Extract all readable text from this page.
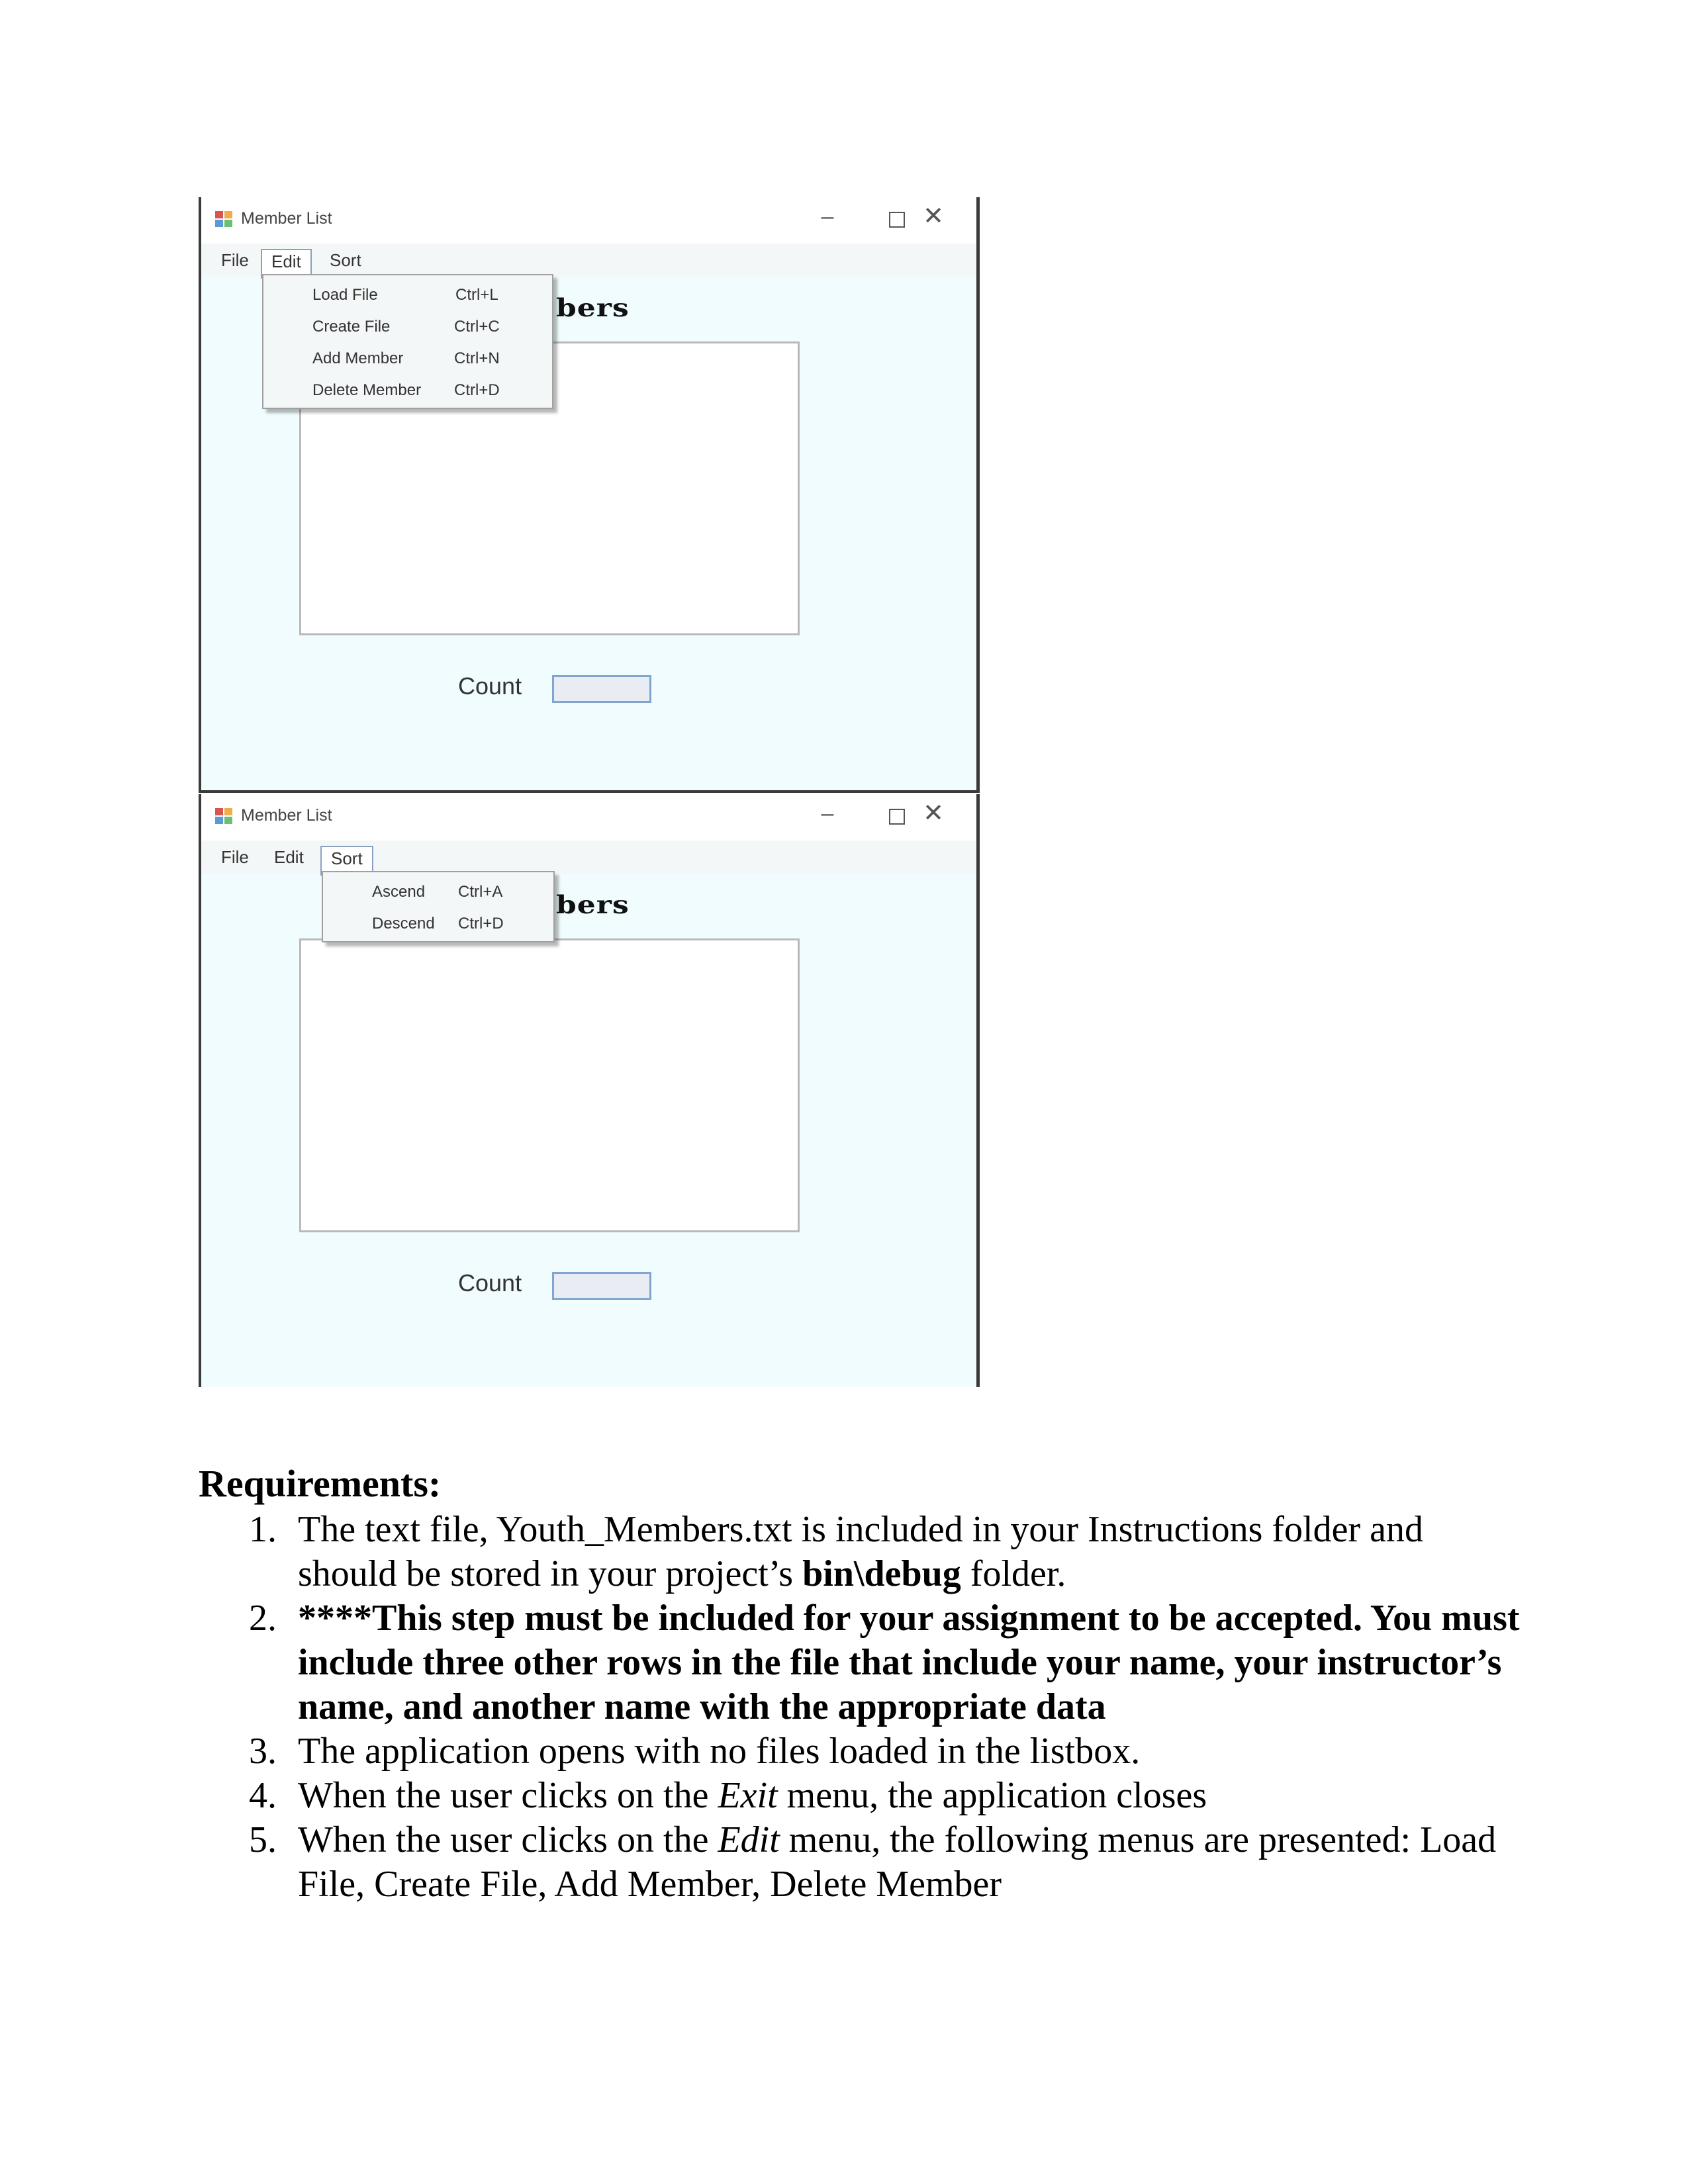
Member List	–	✕
File	Edit	Sort
Load File	Ctrl+L
Create File	Ctrl+C
Add Member	Ctrl+N
Delete Member Ctrl+D
bers
Count
Member List	–	✕
File	Edit	Sort
Ascend Ctrl+A
Descend Ctrl+D
bers
Count
Requirements:
1. The text file, Youth_Members.txt is included in your Instructions folder and should be stored in your project’s bin\debug folder.
2. ****This step must be included for your assignment to be accepted. You must include three other rows in the file that include your name, your instructor’s name, and another name with the appropriate data
3. The application opens with no files loaded in the listbox.
4. When the user clicks on the Exit menu, the application closes
5. When the user clicks on the Edit menu, the following menus are presented: Load File, Create File, Add Member, Delete Member
